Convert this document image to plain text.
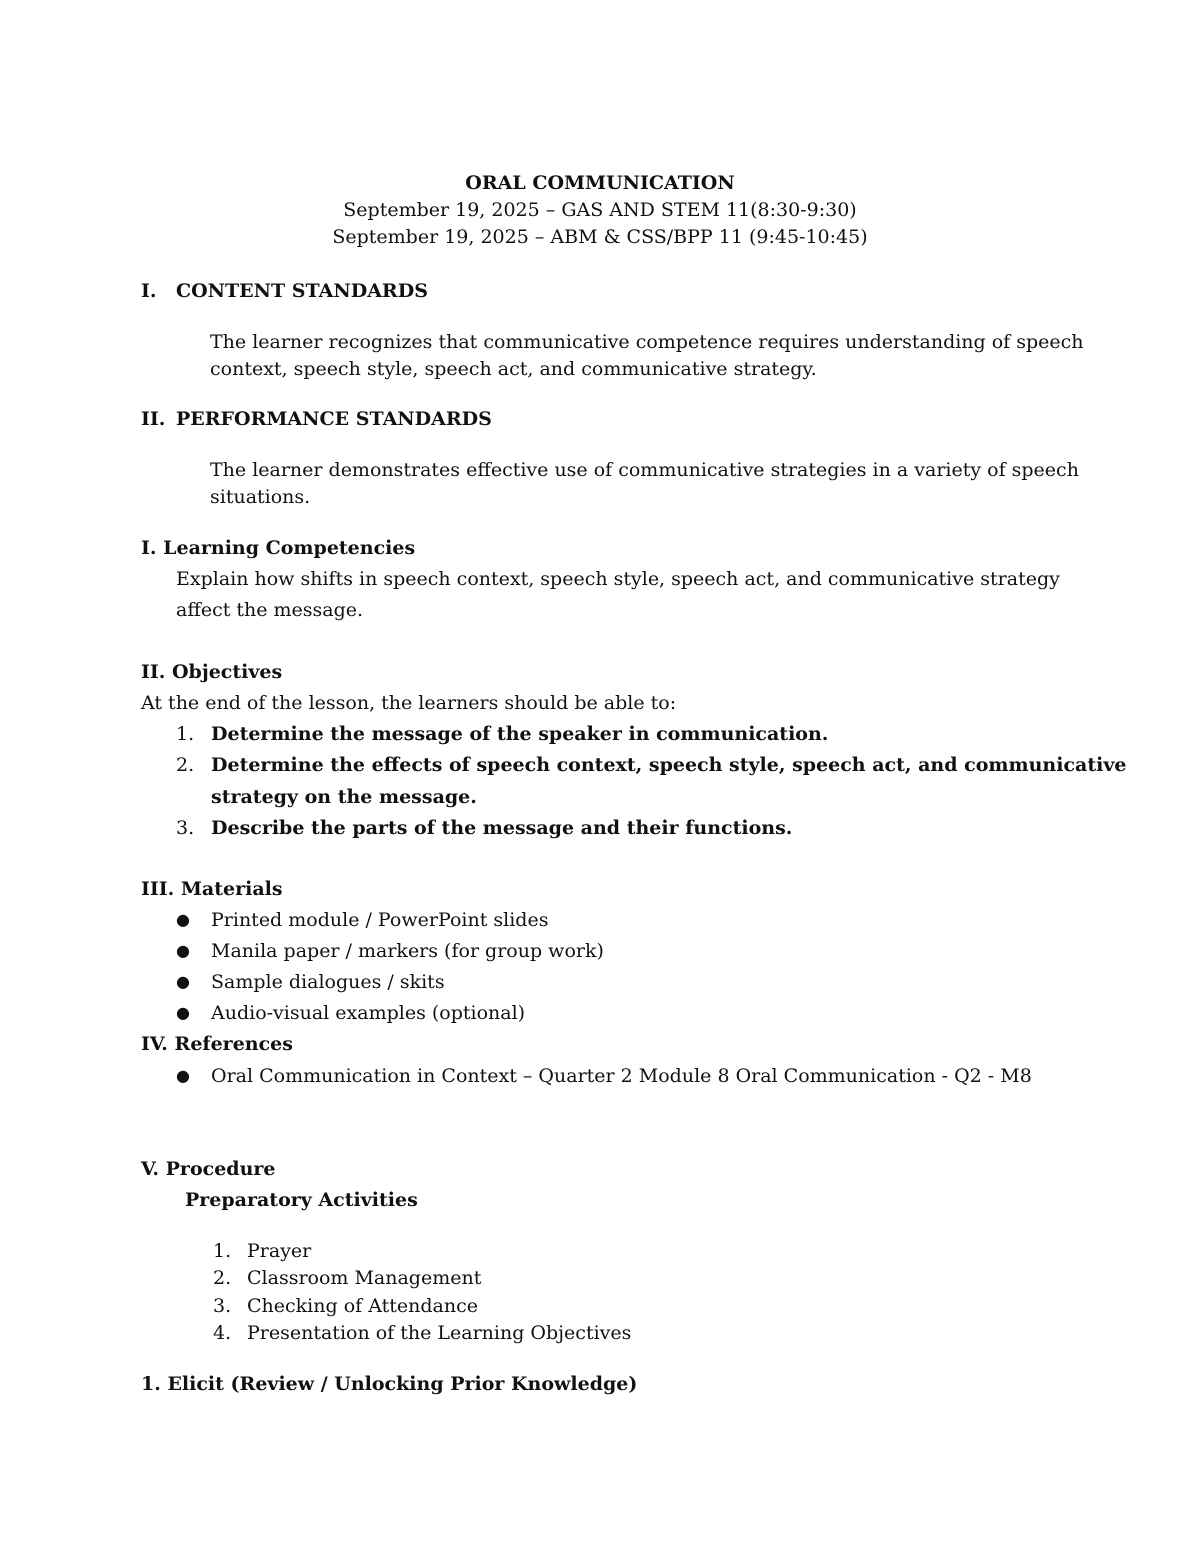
ORAL COMMUNICATION
September 19, 2025 – GAS AND STEM 11(8:30-9:30)
September 19, 2025 – ABM & CSS/BPP 11 (9:45-10:45)
I. CONTENT STANDARDS
The learner recognizes that communicative competence requires understanding of speech
context, speech style, speech act, and communicative strategy.
II. PERFORMANCE STANDARDS
The learner demonstrates effective use of communicative strategies in a variety of speech
situations.
I. Learning Competencies
Explain how shifts in speech context, speech style, speech act, and communicative strategy
affect the message.
II. Objectives
At the end of the lesson, the learners should be able to:
1. Determine the message of the speaker in communication.
2. Determine the effects of speech context, speech style, speech act, and communicative
strategy on the message.
3. Describe the parts of the message and their functions.
III. Materials
● Printed module / PowerPoint slides
● Manila paper / markers (for group work)
● Sample dialogues / skits
● Audio-visual examples (optional)
IV. References
● Oral Communication in Context – Quarter 2 Module 8 Oral Communication - Q2 - M8
V. Procedure
Preparatory Activities
1. Prayer
2. Classroom Management
3. Checking of Attendance
4. Presentation of the Learning Objectives
1. Elicit (Review / Unlocking Prior Knowledge)
